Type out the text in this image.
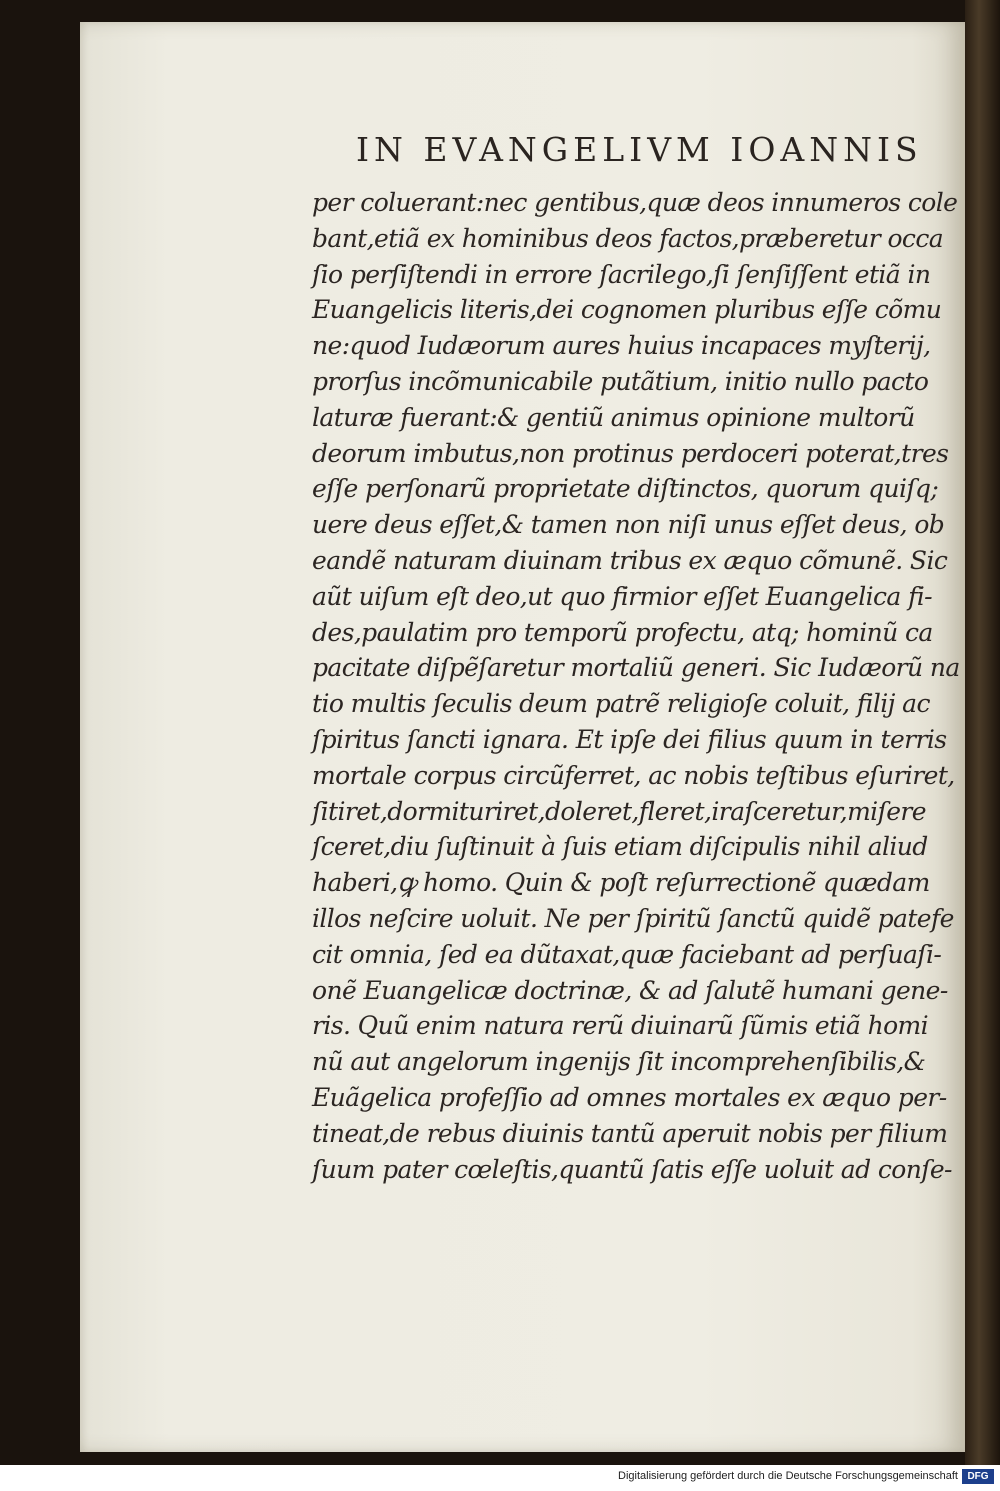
IN EVANGELIVM IOANNIS
per coluerant:nec gentibus,quæ deos innumeros cole
bant,etiã ex hominibus deos factos,præberetur occa
ſio perſiſtendi in errore ſacrilego,ſi ſenſiſſent etiã in
Euangelicis literis,dei cognomen pluribus eſſe cõmu
ne:quod Iudæorum aures huius incapaces myſterij,
prorſus incõmunicabile putãtium, initio nullo pacto
laturæ fuerant:& gentiũ animus opinione multorũ
deorum imbutus,non protinus perdoceri poterat,tres
eſſe perſonarũ proprietate diſtinctos, quorum quiſq;
uere deus eſſet,& tamen non niſi unus eſſet deus, ob
eandẽ naturam diuinam tribus ex æquo cõmunẽ. Sic
aũt uiſum eſt deo,ut quo firmior eſſet Euangelica fi-
des,paulatim pro temporũ profectu, atq; hominũ ca
pacitate diſpẽſaretur mortaliũ generi. Sic Iudæorũ na
tio multis ſeculis deum patrẽ religioſe coluit, filij ac
ſpiritus ſancti ignara. Et ipſe dei filius quum in terris
mortale corpus circũferret, ac nobis teſtibus eſuriret,
ſitiret,dormituriret,doleret,fleret,iraſceretur,miſere
ſceret,diu ſuſtinuit à ſuis etiam diſcipulis nihil aliud
haberi,ꝙ homo. Quin & poſt reſurrectionẽ quædam
illos neſcire uoluit. Ne per ſpiritũ ſanctũ quidẽ patefe
cit omnia, ſed ea dũtaxat,quæ faciebant ad perſuaſi-
onẽ Euangelicæ doctrinæ, & ad ſalutẽ humani gene-
ris. Quũ enim natura rerũ diuinarũ ſũmis etiã homi
nũ aut angelorum ingenijs ſit incomprehenſibilis,&
Euãgelica profeſſio ad omnes mortales ex æquo per-
tineat,de rebus diuinis tantũ aperuit nobis per filium
ſuum pater cœleſtis,quantũ ſatis eſſe uoluit ad conſe-
Digitalisierung gefördert durch die Deutsche Forschungsgemeinschaft DFG
